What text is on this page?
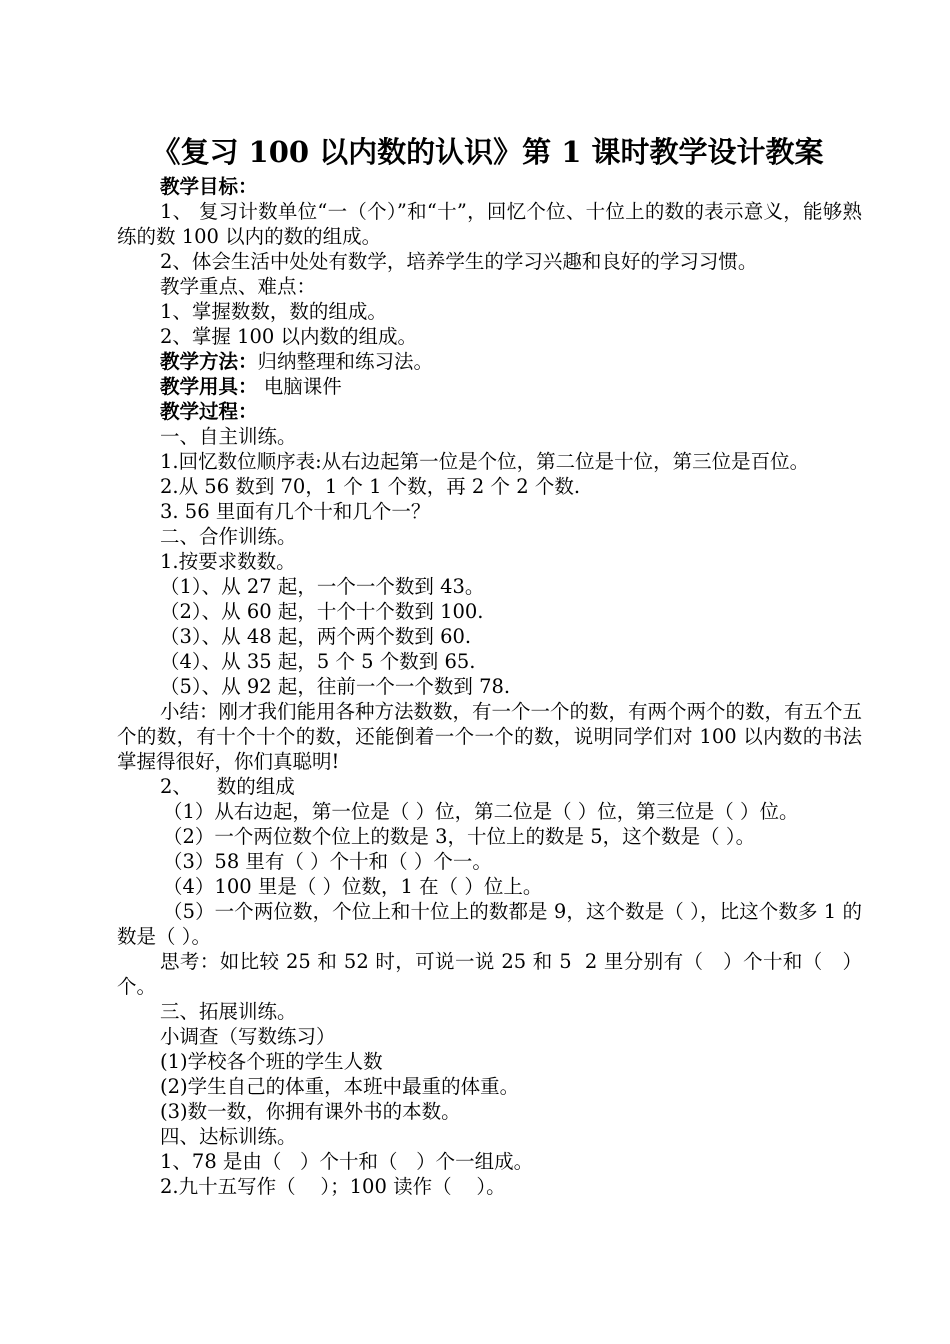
《复习 100 以内数的认识》第 1 课时教学设计教案

教学目标：

1、 复习计数单位“一（个）”和“十”，回忆个位、十位上的数的表示意义，能够熟练的数 100 以内的数的组成。

2、体会生活中处处有数学，培养学生的学习兴趣和良好的学习习惯。

教学重点、难点：

1、掌握数数，数的组成。

2、掌握 100 以内数的组成。

教学方法：归纳整理和练习法。

教学用具： 电脑课件

教学过程：

一、自主训练。

1.回忆数位顺序表:从右边起第一位是个位，第二位是十位，第三位是百位。

2.从 56 数到 70，1 个 1 个数，再 2 个 2 个数.

3. 56 里面有几个十和几个一？

二、合作训练。

1.按要求数数。

（1）、从 27 起，一个一个数到 43。

（2）、从 60 起，十个十个数到 100.

（3）、从 48 起，两个两个数到 60.

（4）、从 35 起，5 个 5 个数到 65.

（5）、从 92 起，往前一个一个数到 78.

小结：刚才我们能用各种方法数数，有一个一个的数，有两个两个的数，有五个五个的数，有十个十个的数，还能倒着一个一个的数，说明同学们对 100 以内数的书法掌握得很好，你们真聪明!

2、    数的组成

（1）从右边起，第一位是（ ）位，第二位是（ ）位，第三位是（ ）位。

（2）一个两位数个位上的数是 3，十位上的数是 5，这个数是（ ）。

（3）58 里有（ ）个十和（ ）个一。

（4）100 里是（ ）位数，1 在（ ）位上。

（5）一个两位数，个位上和十位上的数都是 9，这个数是（ ），比这个数多 1 的数是（ ）。

思考：如比较 25 和 52 时，可说一说 25 和 5  2 里分别有（   ）个十和（   ）个。

三、拓展训练。

小调查（写数练习）

(1)学校各个班的学生人数

(2)学生自己的体重，本班中最重的体重。

(3)数一数，你拥有课外书的本数。

四、达标训练。

1、78 是由（   ）个十和（   ）个一组成。

2.九十五写作（    ）；100 读作（    ）。
